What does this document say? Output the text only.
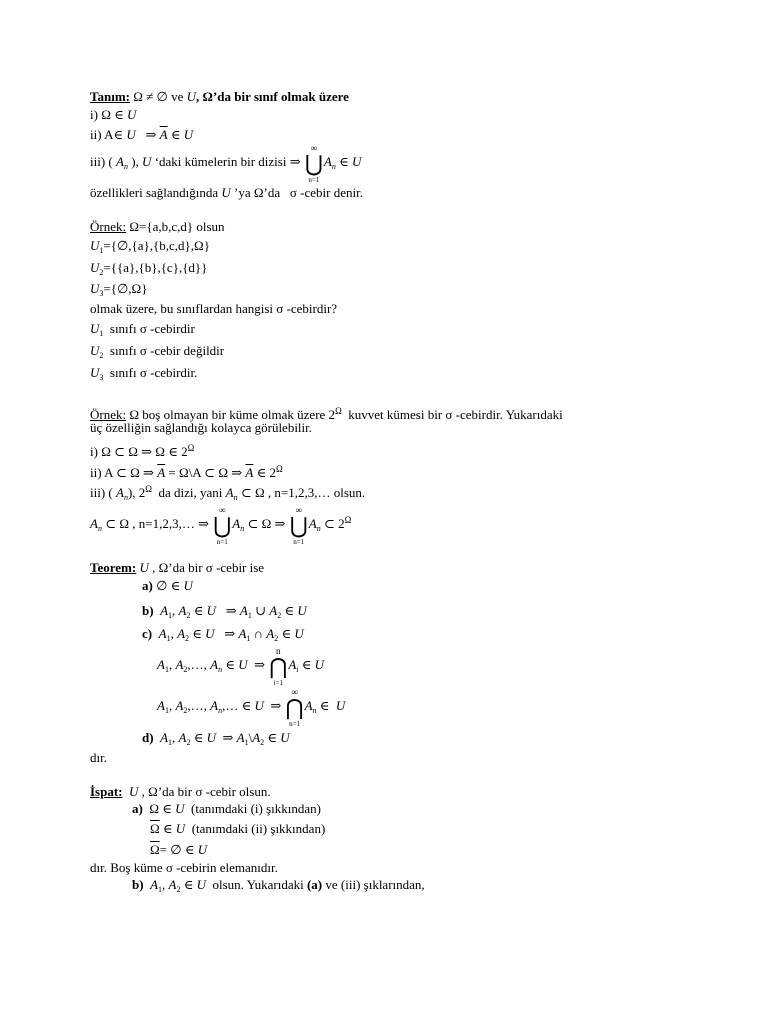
Tanım: Ω ≠ ∅ ve U, Ω’da bir sınıf olmak üzere
i) Ω ∈ U
ii) A∈ U ⇒ $\overline{A}$ ∈ U
iii) ( $A_n$ ), U ‘daki kümelerin bir dizisi ⇒
∞
⋃
n=1
$A_n$ ∈ U
özellikleri sağlandığında U ’ya Ω’da σ -cebir denir.
Örnek: Ω={a,b,c,d} olsun
$U_1=\{\emptyset,\{a\},\{b,c,d\},\Omega\}$
$U_2=\{\{a\},\{b\},\{c\},\{d\}\}$
$U_3=\{\emptyset,\Omega\}$
olmak üzere, bu sınıflardan hangisi σ -cebirdir?
$U_1$ sınıfı σ -cebirdir
$U_2$ sınıfı σ -cebir değildir
$U_3$ sınıfı σ -cebirdir.
Örnek: Ω boş olmayan bir küme olmak üzere $2^\Omega$ kuvvet kümesi bir σ -cebirdir. Yukarıdaki
üç özelliğin sağlandığı kolayca görülebilir.
i) Ω ⊂ Ω ⇒ Ω ∈ $2^\Omega$
ii) A ⊂ Ω ⇒ $\overline{A}$ = Ω\A ⊂ Ω ⇒ $\overline{A}$ ∈ $2^\Omega$
iii) ( $A_n$), $2^\Omega$ da dizi, yani $A_n$ ⊂ Ω , n=1,2,3,… olsun.
$A_n$ ⊂ Ω , n=1,2,3,… ⇒
∞
⋃
n=1
$A_n$ ⊂ Ω ⇒
∞
⋃
n=1
$A_n$ ⊂ $2^\Omega$
Teorem: U , Ω’da bir σ -cebir ise
a) ∅ ∈ U
b) $A_1$, $A_2$ ∈ U ⇒ $A_1$ ∪ $A_2$ ∈ U
c) $A_1$, $A_2$ ∈ U ⇒ $A_1$ ∩ $A_2$ ∈ U
$A_1$, $A_2,\dots$, $A_n$ ∈ U ⇒
n
⋂
i=1
$A_i$ ∈ U
$A_1$, $A_2,\dots$, $A_n,\dots$ ∈ U ⇒
∞
⋂
n=1
$A_n$ ∈ U
d) $A_1$, $A_2$ ∈ U ⇒ $A_1\backslash A_2$ ∈ U
dır.
İspat: U , Ω’da bir σ -cebir olsun.
a) Ω ∈ U (tanımdaki (i) şıkkından)
$\overline{\Omega}$ ∈ U (tanımdaki (ii) şıkkından)
$\overline{\Omega}=$ ∅ ∈ U
dır. Boş küme σ -cebirin elemanıdır.
b) $A_1$, $A_2$ ∈ U olsun. Yukarıdaki (a) ve (iii) şıklarından,
